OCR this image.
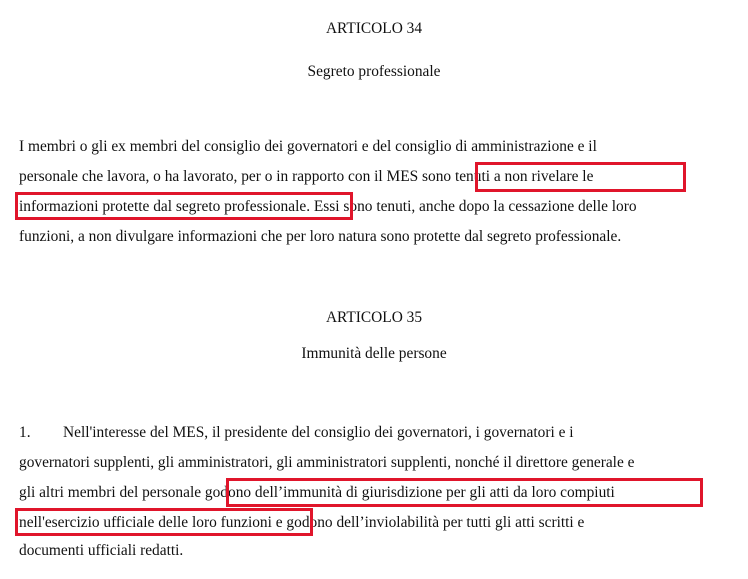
ARTICOLO 34
Segreto professionale
I membri o gli ex membri del consiglio dei governatori e del consiglio di amministrazione e il
personale che lavora, o ha lavorato, per o in rapporto con il MES sono tenuti a non rivelare le
informazioni protette dal segreto professionale. Essi sono tenuti, anche dopo la cessazione delle loro
funzioni, a non divulgare informazioni che per loro natura sono protette dal segreto professionale.
ARTICOLO 35
Immunità delle persone
1. Nell'interesse del MES, il presidente del consiglio dei governatori, i governatori e i
governatori supplenti, gli amministratori, gli amministratori supplenti, nonché il direttore generale e
gli altri membri del personale godono dell’immunità di giurisdizione per gli atti da loro compiuti
nell'esercizio ufficiale delle loro funzioni e godono dell’inviolabilità per tutti gli atti scritti e
documenti ufficiali redatti.
